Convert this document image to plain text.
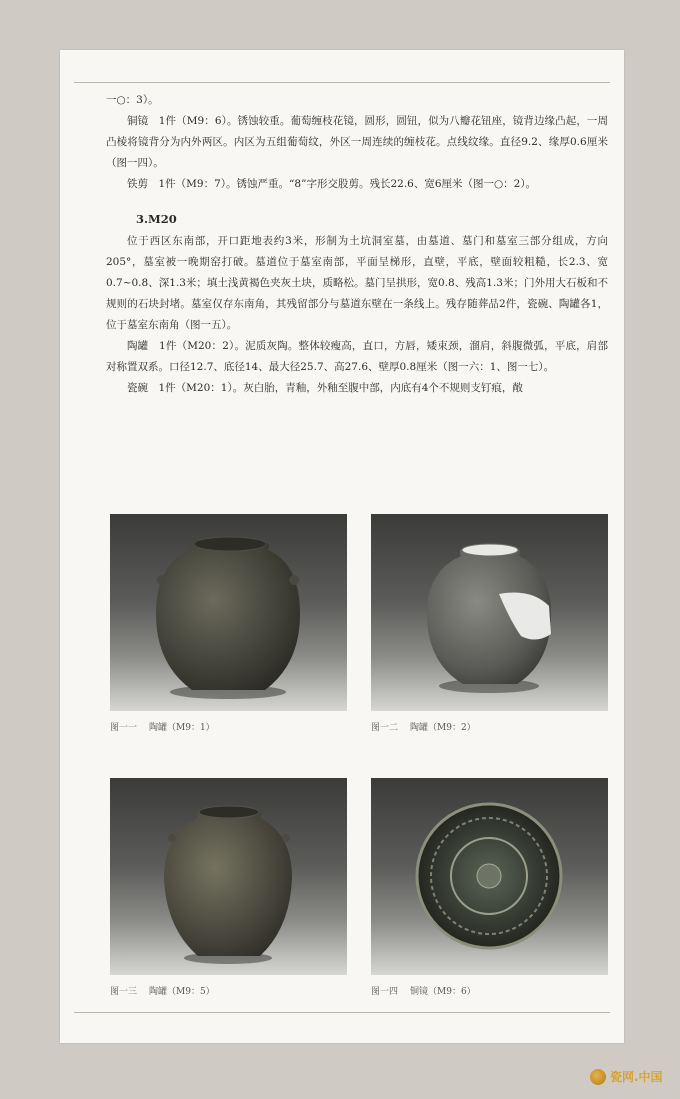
一○：3）。

铜镜　1件（M9：6）。锈蚀较重。葡萄缠枝花镜，圆形，圆钮，似为八瓣花钮座，镜背边缘凸起，一周凸棱将镜背分为内外两区。内区为五组葡萄纹，外区一周连续的缠枝花。点线纹缘。直径9.2、缘厚0.6厘米（图一四）。

铁剪　1件（M9：7）。锈蚀严重。“8”字形交股剪。残长22.6、宽6厘米（图一○：2）。

3.M20

位于西区东南部，开口距地表约3米，形制为土坑洞室墓，由墓道、墓门和墓室三部分组成，方向205°，墓室被一晚期窑打破。墓道位于墓室南部，平面呈梯形，直壁，平底，壁面较粗糙，长2.3、宽0.7~0.8、深1.3米；填土浅黄褐色夹灰土块，质略松。墓门呈拱形，宽0.8、残高1.3米；门外用大石板和不规则的石块封堵。墓室仅存东南角，其残留部分与墓道东壁在一条线上。残存随葬品2件，瓷碗、陶罐各1，位于墓室东南角（图一五）。

陶罐　1件（M20：2）。泥质灰陶。整体较瘦高，直口，方唇，矮束颈，溜肩，斜腹微弧，平底，肩部对称置双系。口径12.7、底径14、最大径25.7、高27.6、壁厚0.8厘米（图一六：1、图一七）。

瓷碗　1件（M20：1）。灰白胎，青釉，外釉至腹中部，内底有4个不规则支钉痕，敞

图一一 陶罐（M9：1）	图一二 陶罐（M9：2）
图一三 陶罐（M9：5）	图一四 铜镜（M9：6）
瓷网.中国
